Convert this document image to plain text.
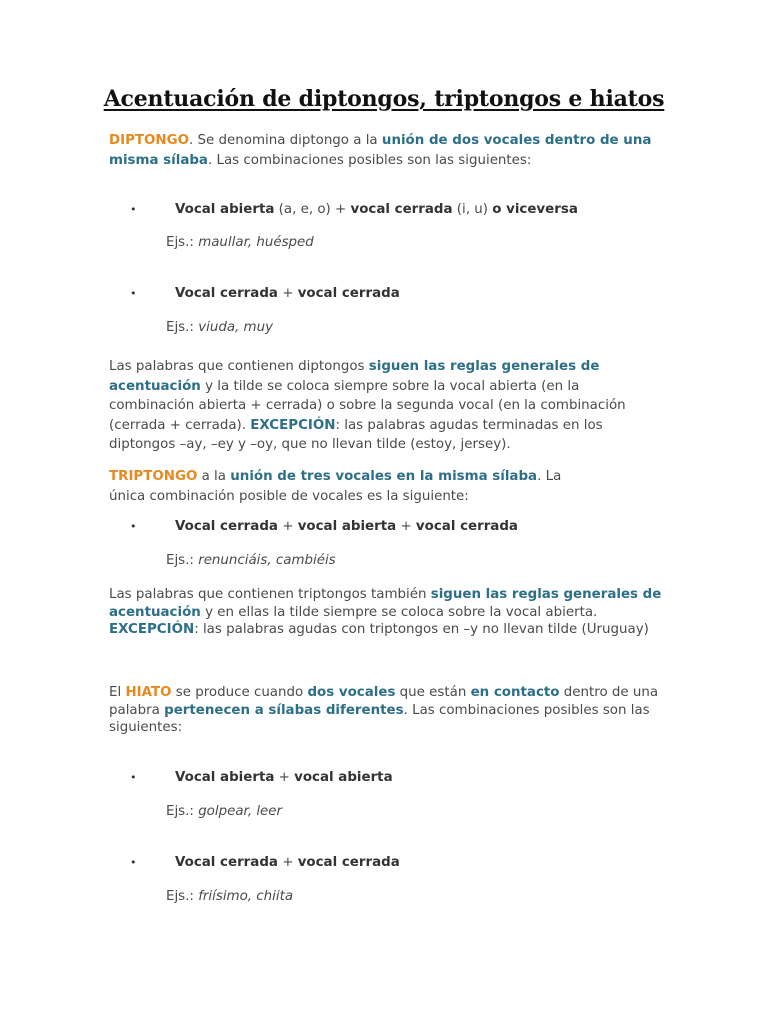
Acentuación de diptongos, triptongos e hiatos

DIPTONGO. Se denomina diptongo a la unión de dos vocales dentro de una misma sílaba. Las combinaciones posibles son las siguientes:

•	Vocal abierta (a, e, o) + vocal cerrada (i, u) o viceversa
Ejs.: maullar, huésped
•	Vocal cerrada + vocal cerrada
Ejs.: viuda, muy

Las palabras que contienen diptongos siguen las reglas generales de acentuación y la tilde se coloca siempre sobre la vocal abierta (en la combinación abierta + cerrada) o sobre la segunda vocal (en la combinación (cerrada + cerrada). EXCEPCIÓN: las palabras agudas terminadas en los diptongos –ay, –ey y –oy, que no llevan tilde (estoy, jersey).

TRIPTONGO a la unión de tres vocales en la misma sílaba. La única combinación posible de vocales es la siguiente:

•	Vocal cerrada + vocal abierta + vocal cerrada
Ejs.: renunciáis, cambiéis

Las palabras que contienen triptongos también siguen las reglas generales de acentuación y en ellas la tilde siempre se coloca sobre la vocal abierta. EXCEPCIÓN: las palabras agudas con triptongos en –y no llevan tilde (Uruguay)

El HIATO se produce cuando dos vocales que están en contacto dentro de una palabra pertenecen a sílabas diferentes. Las combinaciones posibles son las siguientes:

•	Vocal abierta + vocal abierta
Ejs.: golpear, leer
•	Vocal cerrada + vocal cerrada
Ejs.: friísimo, chiita
